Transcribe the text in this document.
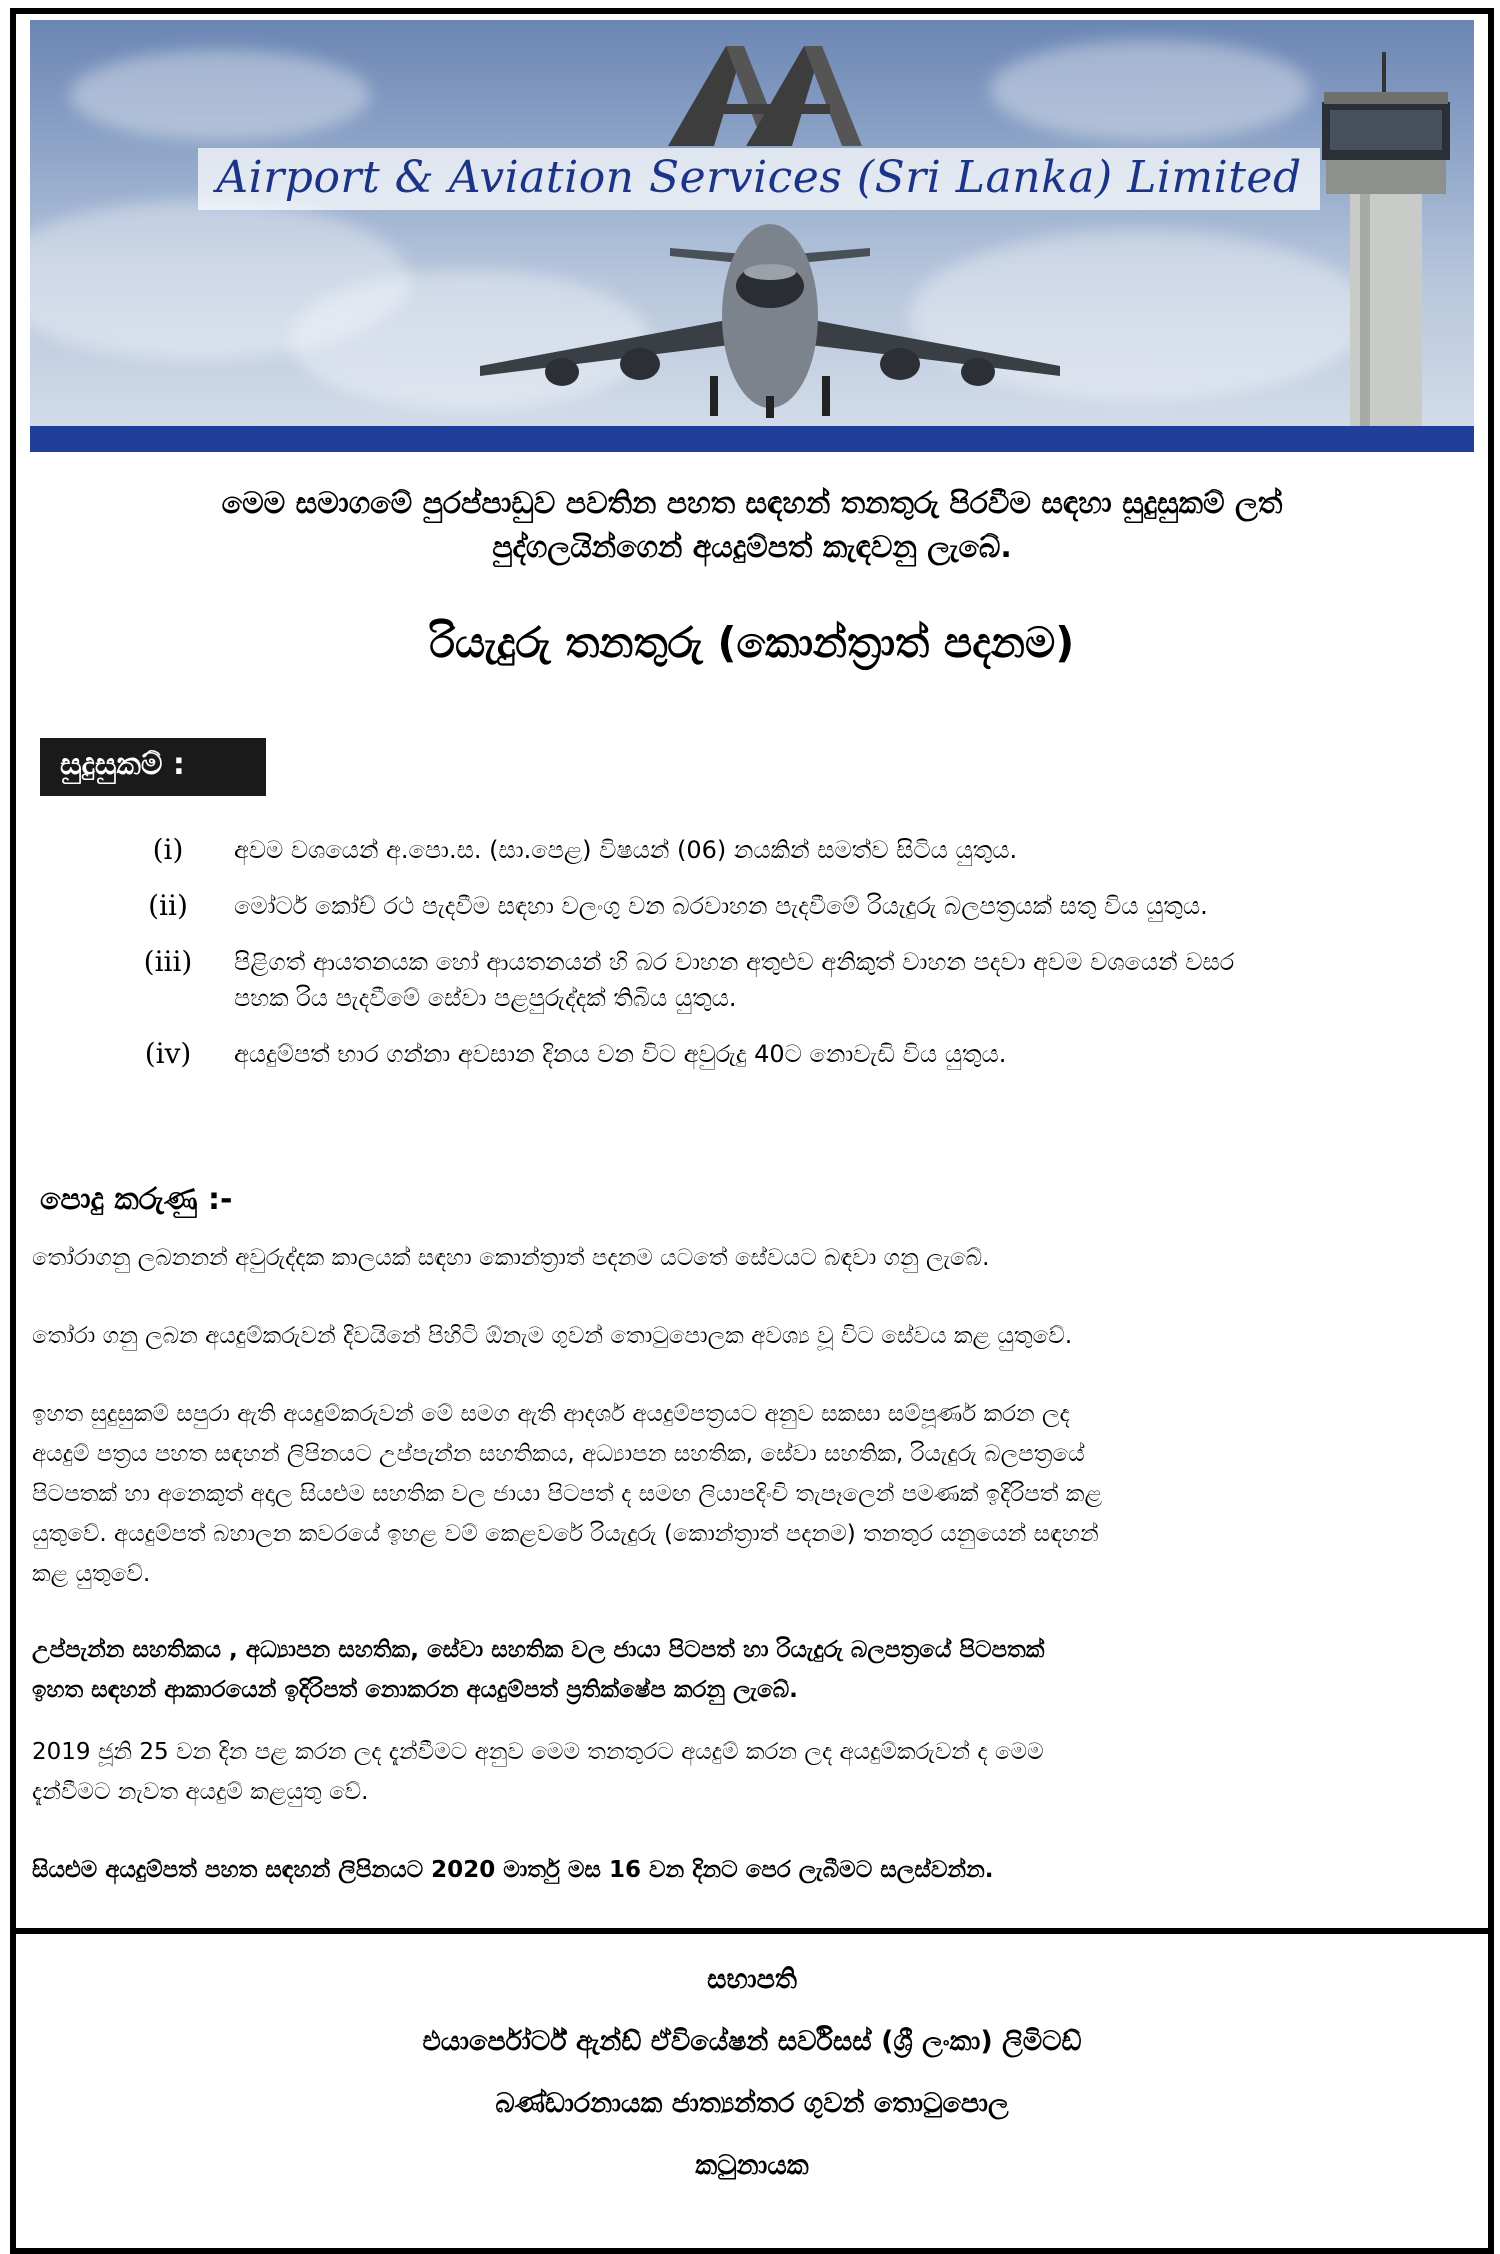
Airport & Aviation Services (Sri Lanka) Limited
මෙම සමාගමේ පුරප්පාඩුව පවතින පහත සඳහන් තනතුරු පිරවීම සඳහා සුදුසුකම් ලත්
පුද්ගලයින්ගෙන් අයදුම්පත් කැඳවනු ලැබේ.
රියැදුරු තනතුරු (කොන්ත්‍රාත් පදනම)
සුදුසුකම් :
(i)	අවම වශයෙන් අ.පො.ස. (සා.පෙළ) විෂයන් (06) නයකින් සමත්ව සිටිය යුතුය.
(ii)	මෝටර් කෝච් රථ පැදවීම සඳහා වලංගු වන බරවාහන පැදවීමේ රියැදුරු බලපත්‍රයක් සතු විය යුතුය.
(iii)	පිළිගත් ආයතනයක හෝ ආයතනයන් හි බර වාහන අතුළුව අනිකුත් වාහන පදවා අවම වශයෙන් වසර
පහක රිය පැදවීමේ සේවා පළපුරුද්දක් තිබිය යුතුය.
(iv)	අයදුම්පත් භාර ගන්නා අවසාන දිනය වන විට අවුරුදු 40ට නොවැඩි විය යුතුය.
පොදු කරුණු :-
තෝරාගනු ලබනනන් අවුරුද්දක කාලයක් සඳහා කොන්ත්‍රාත් පදනම යටතේ සේවයට බඳවා ගනු ලැබේ.
තෝරා ගනු ලබන අයදුම්කරුවන් දිවයිනේ පිහිටි ඕනැම ගුවන් තොටුපොලක අවශ්‍ය වූ විට සේවය කළ යුතුවේ.
ඉහත සුදුසුකම් සපුරා ඇති අයදුම්කරුවන් මේ සමග ඇති ආදර්ශ අයදුම්පත්‍රයට අනුව සකසා සම්පූර්ණ කරන ලද
අයදුම් පත්‍රය පහත සඳහන් ලිපිනයට උප්පැන්න සහතිකය, අධ්‍යාපන සහතික, සේවා සහතික, රියැදුරු බලපත්‍රයේ
පිටපතක් හා අනෙකුත් අදාල සියළුම සහතික වල ජායා පිටපත් ද සමඟ ලියාපදිංචි තැපෑලෙන් පමණක් ඉදිරිපත් කළ
යුතුවේ. අයදුම්පත් බහාලන කවරයේ ඉහළ වම් කෙළවරේ රියැදුරු (කොන්ත්‍රාත් පදනම) තනතුර යනුයෙන් සඳහන්
කළ යුතුවේ.
උප්පැන්න සහතිකය , අධ්‍යාපන සහතික, සේවා සහතික වල ජායා පිටපත් හා රියැදුරු බලපත්‍රයේ පිටපතක්
ඉහත සඳහන් ආකාරයෙන් ඉදිරිපත් නොකරන අයදුම්පත් ප්‍රතික්ෂේප කරනු ලැබේ.
2019 ජූනි 25 වන දින පළ කරන ලද දැන්වීමට අනුව මෙම තනතුරට අයදුම් කරන ලද අයදුම්කරුවන් ද මෙම
දැන්වීමට නැවත අයදුම් කළයුතු වේ.
සියළුම අයදුම්පත් පහත සඳහන් ලිපිනයට 2020 මාර්තු මස 16 වන දිනට පෙර ලැබීමට සලස්වන්න.
සභාපති
එයාර්පෝර්ට් ඇන්ඩ් ඒවියේෂන් සර්විසස් (ශ්‍රී ලංකා) ලිමිටඩ්
බණ්ඩාරනායක ජාත්‍යන්තර ගුවන් තොටුපොල
කටුනායක
